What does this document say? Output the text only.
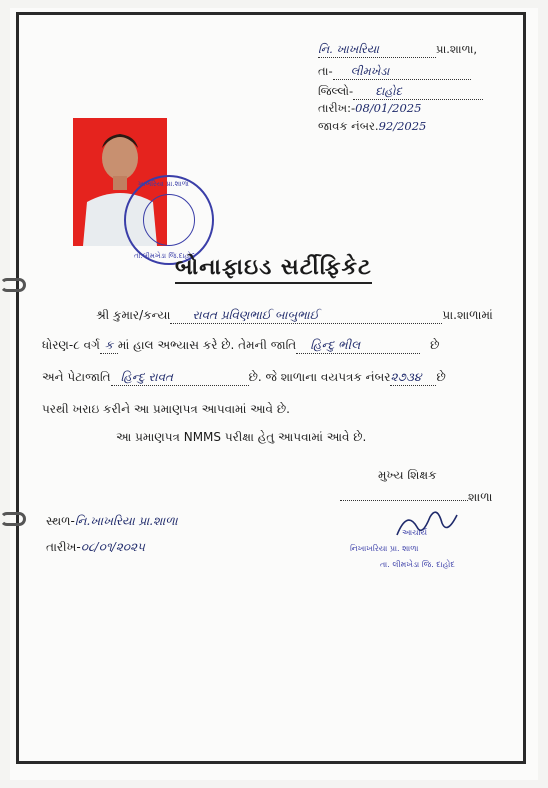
નિ. ખાખરિયા	પ્રા.શાળા,
તા- લીમખેડા
જિલ્લો- દાહોદ
તારીખ:-08/01/2025
જાવક નંબર.92/2025
ખાખરિયા પ્રા.શાળા
તા.લીમખેડા જિ.દાહોદ
બોનાફાઇડ સર્ટીફિકેટ
શ્રી કુમાર/કન્યા રાવત પ્રવિણભાઈ બાબુભાઈ	પ્રા.શાળામાં
ધોરણ-૮ વર્ગ ક માં હાલ અભ્યાસ કરે છે. તેમની જાતિ હિન્દુ ભીલ	છે
અને પેટાજાતિ હિન્દુ રાવત	છે. જે શાળાના વયપત્રક નંબર૨૭૩૪ છે
પરથી ખરાઇ કરીને આ પ્રમાણપત્ર આપવામાં આવે છે.
આ પ્રમાણપત્ર NMMS પરીક્ષા હેતુ આપવામાં આવે છે.
મુખ્ય શિક્ષક
શાળા
આચાર્ય
નિખાખરિયા પ્રા. શાળા
તા. લીમખેડા જિ. દાહોદ
સ્થળ-નિ.ખાખરિયા પ્રા.શાળા
તારીખ-૦૮/૦૧/૨૦૨૫
